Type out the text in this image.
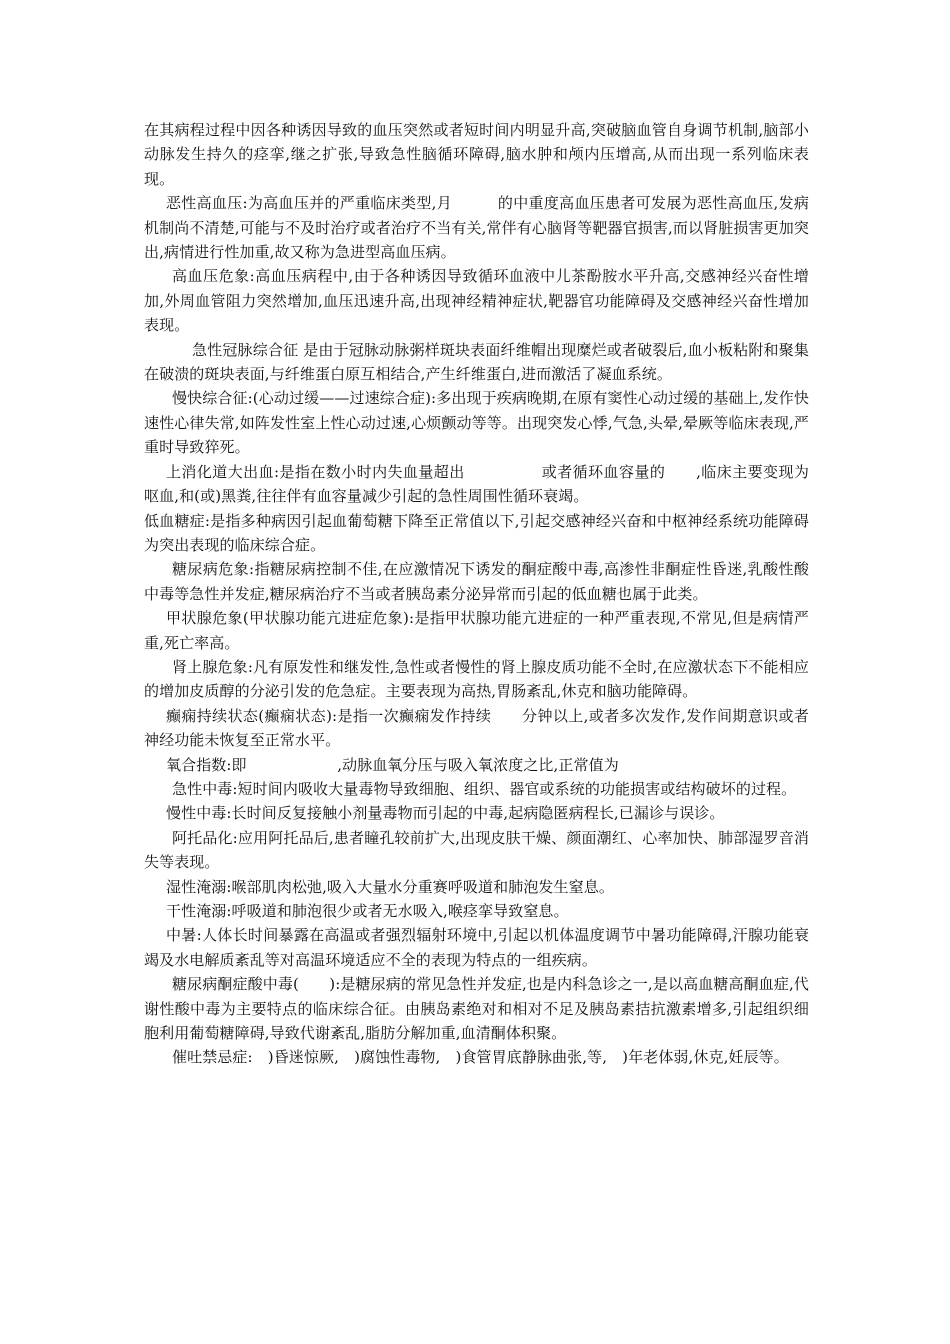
在其病程过程中因各种诱因导致的血压突然或者短时间内明显升高,突破脑血管自身调节机制,脑部小动脉发生持久的痉挛,继之扩张,导致急性脑循环障碍,脑水肿和颅内压增高,从而出现一系列临床表现。

恶性高血压:为高血压并的严重临床类型,月　　　的中重度高血压患者可发展为恶性高血压,发病机制尚不清楚,可能与不及时治疗或者治疗不当有关,常伴有心脑肾等靶器官损害,而以肾脏损害更加突出,病情进行性加重,故又称为急进型高血压病。

高血压危象:高血压病程中,由于各种诱因导致循环血液中儿茶酚胺水平升高,交感神经兴奋性增加,外周血管阻力突然增加,血压迅速升高,出现神经精神症状,靶器官功能障碍及交感神经兴奋性增加表现。

急性冠脉综合征 是由于冠脉动脉粥样斑块表面纤维帽出现糜烂或者破裂后,血小板粘附和聚集在破溃的斑块表面,与纤维蛋白原互相结合,产生纤维蛋白,进而激活了凝血系统。

慢快综合征:(心动过缓——过速综合症):多出现于疾病晚期,在原有窦性心动过缓的基础上,发作快速性心律失常,如阵发性室上性心动过速,心烦颤动等等。出现突发心悸,气急,头晕,晕厥等临床表现,严重时导致猝死。

上消化道大出血:是指在数小时内失血量超出　　　　　或者循环血容量的　　,临床主要变现为呕血,和(或)黑粪,往往伴有血容量减少引起的急性周围性循环衰竭。

低血糖症:是指多种病因引起血葡萄糖下降至正常值以下,引起交感神经兴奋和中枢神经系统功能障碍为突出表现的临床综合症。

糖尿病危象:指糖尿病控制不佳,在应激情况下诱发的酮症酸中毒,高渗性非酮症性昏迷,乳酸性酸中毒等急性并发症,糖尿病治疗不当或者胰岛素分泌异常而引起的低血糖也属于此类。

甲状腺危象(甲状腺功能亢进症危象):是指甲状腺功能亢进症的一种严重表现,不常见,但是病情严重,死亡率高。

肾上腺危象:凡有原发性和继发性,急性或者慢性的肾上腺皮质功能不全时,在应激状态下不能相应的增加皮质醇的分泌引发的危急症。主要表现为高热,胃肠紊乱,休克和脑功能障碍。

癫痫持续状态(癫痫状态):是指一次癫痫发作持续　　分钟以上,或者多次发作,发作间期意识或者神经功能未恢复至正常水平。

氧合指数:即　　　　　　,动脉血氧分压与吸入氧浓度之比,正常值为

急性中毒:短时间内吸收大量毒物导致细胞、组织、器官或系统的功能损害或结构破坏的过程。

慢性中毒:长时间反复接触小剂量毒物而引起的中毒,起病隐匿病程长,已漏诊与误诊。

阿托品化:应用阿托品后,患者瞳孔较前扩大,出现皮肤干燥、颜面潮红、心率加快、肺部湿罗音消失等表现。

湿性淹溺:喉部肌肉松弛,吸入大量水分重赛呼吸道和肺泡发生窒息。

干性淹溺:呼吸道和肺泡很少或者无水吸入,喉痉挛导致窒息。

中暑:人体长时间暴露在高温或者强烈辐射环境中,引起以机体温度调节中暑功能障碍,汗腺功能衰竭及水电解质紊乱等对高温环境适应不全的表现为特点的一组疾病。

糖尿病酮症酸中毒(　　):是糖尿病的常见急性并发症,也是内科急诊之一,是以高血糖高酮血症,代谢性酸中毒为主要特点的临床综合征。由胰岛素绝对和相对不足及胰岛素拮抗激素增多,引起组织细胞利用葡萄糖障碍,导致代谢紊乱,脂肪分解加重,血清酮体积聚。

催吐禁忌症:　)昏迷惊厥,　)腐蚀性毒物,　)食管胃底静脉曲张,等,　)年老体弱,休克,妊辰等。
